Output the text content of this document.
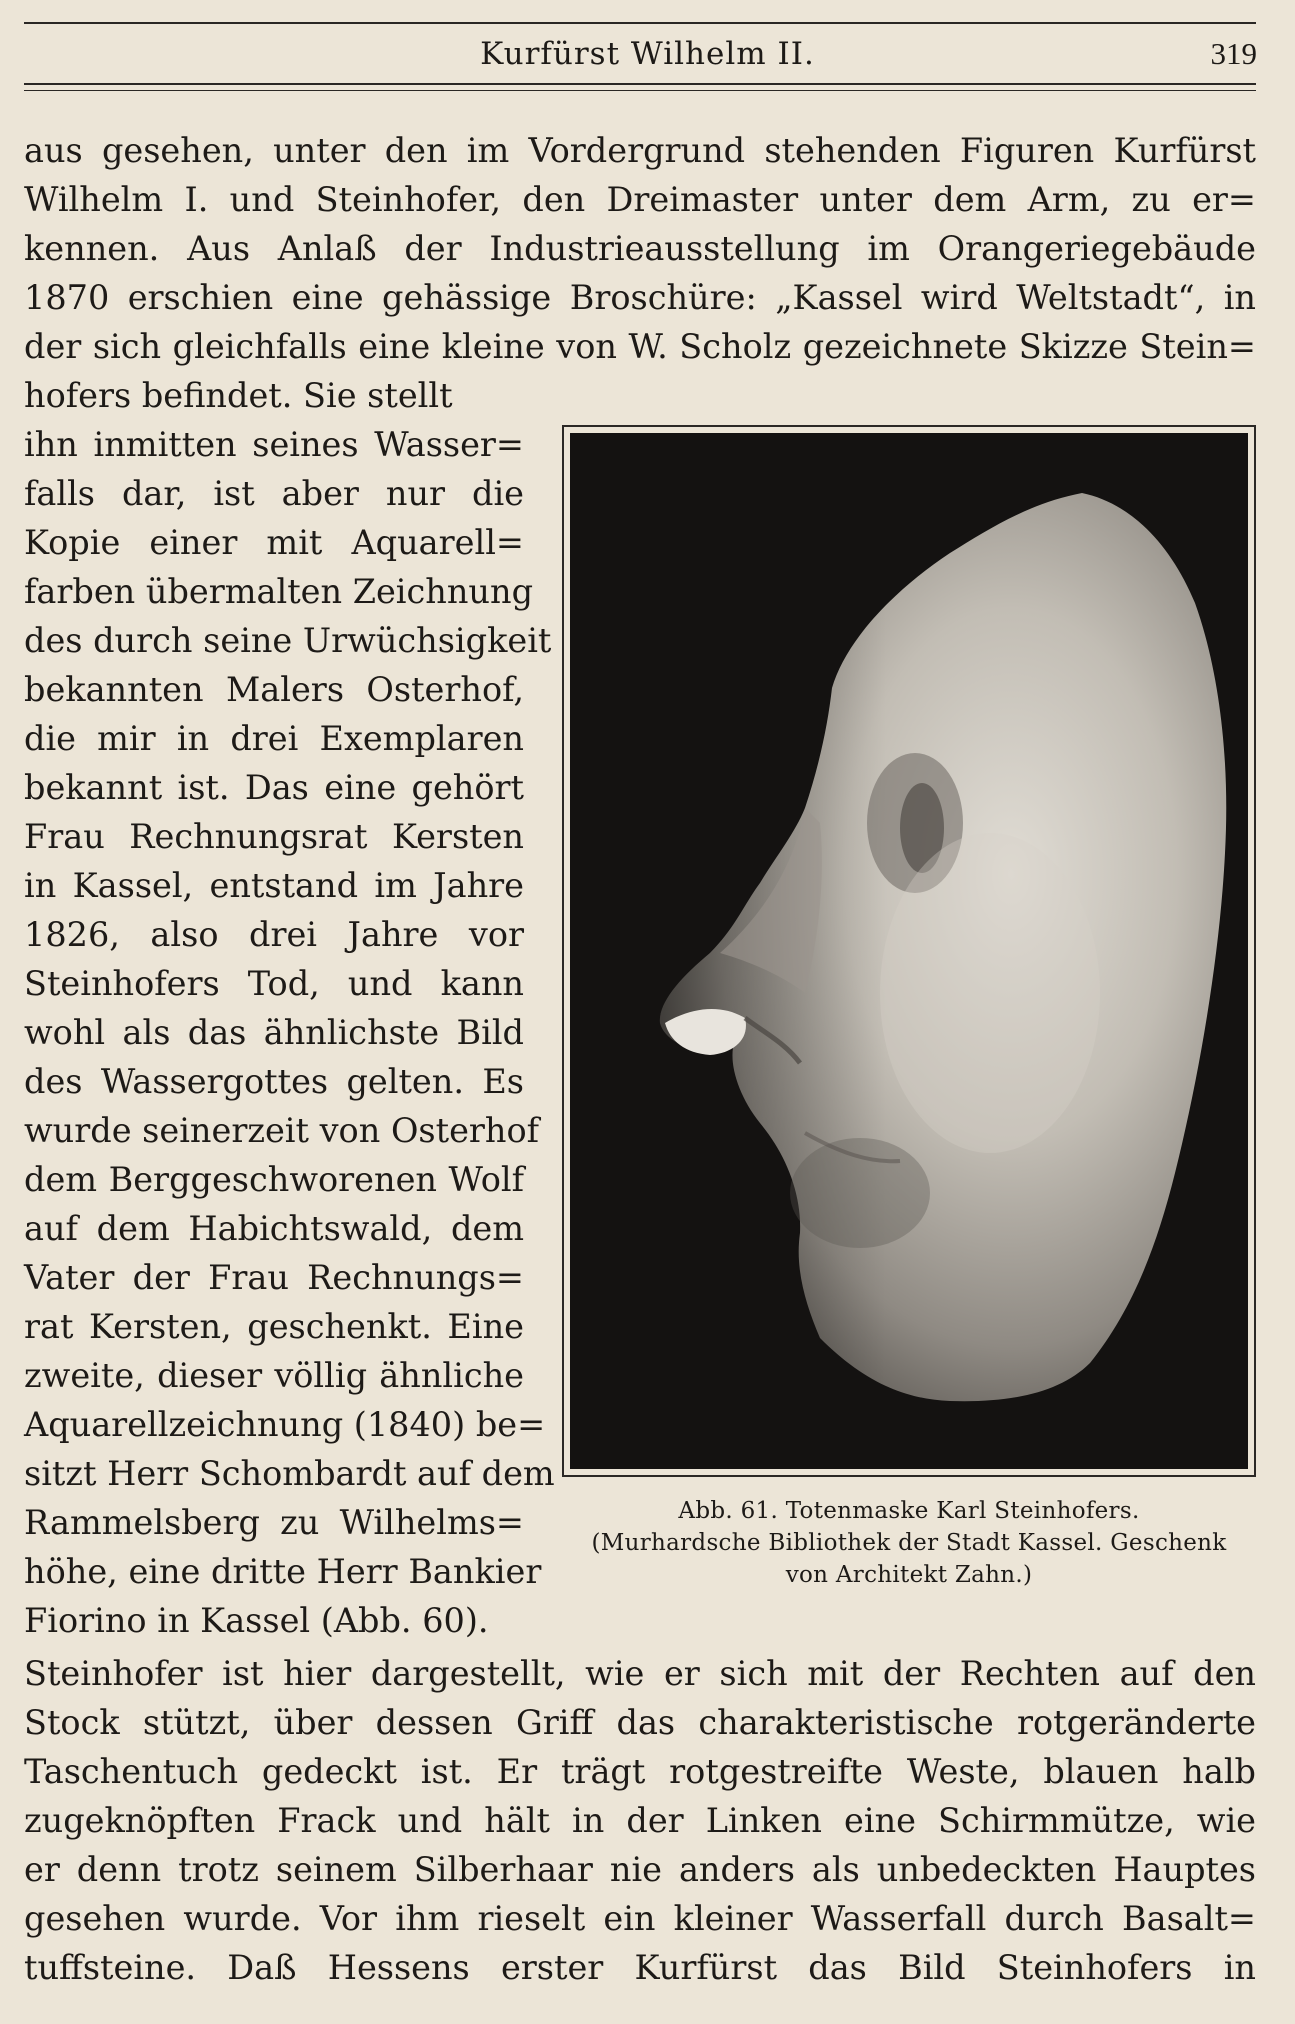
Kurfürst Wilhelm II.	319
aus gesehen, unter den im Vordergrund stehenden Figuren Kurfürst
Wilhelm I. und Steinhofer, den Dreimaster unter dem Arm, zu er=
kennen. Aus Anlaß der Industrieausstellung im Orangeriegebäude
1870 erschien eine gehässige Broschüre: „Kassel wird Weltstadt“, in
der sich gleichfalls eine kleine von W. Scholz gezeichnete Skizze Stein=
hofers befindet. Sie stellt
ihn inmitten seines Wasser=
falls dar, ist aber nur die
Kopie einer mit Aquarell=
farben übermalten Zeichnung
des durch seine Urwüchsigkeit
bekannten Malers Osterhof,
die mir in drei Exemplaren
bekannt ist. Das eine gehört
Frau Rechnungsrat Kersten
in Kassel, entstand im Jahre
1826, also drei Jahre vor
Steinhofers Tod, und kann
wohl als das ähnlichste Bild
des Wassergottes gelten. Es
wurde seinerzeit von Osterhof
dem Berggeschworenen Wolf
auf dem Habichtswald, dem
Vater der Frau Rechnungs=
rat Kersten, geschenkt. Eine
zweite, dieser völlig ähnliche
Aquarellzeichnung (1840) be=
sitzt Herr Schombardt auf dem
Rammelsberg zu Wilhelms=
höhe, eine dritte Herr Bankier
Fiorino in Kassel (Abb. 60).
Steinhofer ist hier dargestellt, wie er sich mit der Rechten auf den
Stock stützt, über dessen Griff das charakteristische rotgeränderte
Taschentuch gedeckt ist. Er trägt rotgestreifte Weste, blauen halb
zugeknöpften Frack und hält in der Linken eine Schirmmütze, wie
er denn trotz seinem Silberhaar nie anders als unbedeckten Hauptes
gesehen wurde. Vor ihm rieselt ein kleiner Wasserfall durch Basalt=
tuffsteine. Daß Hessens erster Kurfürst das Bild Steinhofers in
Abb. 61. Totenmaske Karl Steinhofers.
(Murhardsche Bibliothek der Stadt Kassel. Geschenk
von Architekt Zahn.)
